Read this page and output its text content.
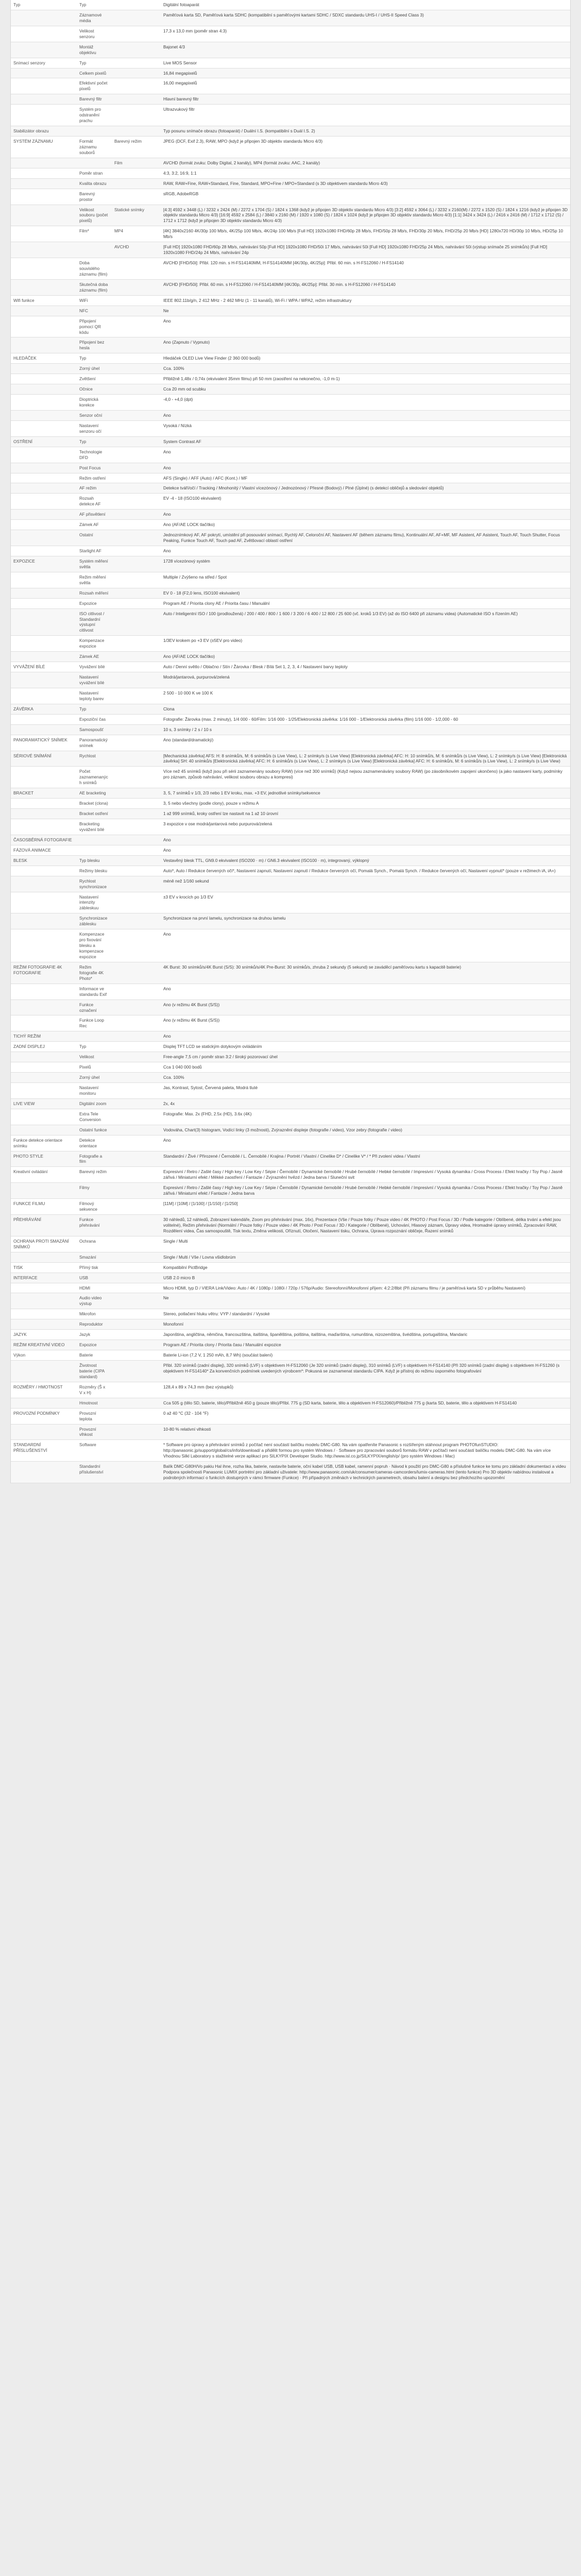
Typ	Typ		Digitální fotoaparát
	Záznamové média		Paměťová karta SD, Paměťová karta SDHC (kompatibilní s paměťovými kartami SDHC / SDXC standardu UHS-I / UHS-II Speed Class 3)
	Velikost senzoru		17,3 x 13,0 mm (poměr stran 4:3)
	Montáž objektivu		Bajonet 4/3
Snímací senzory	Typ		Live MOS Sensor
	Celkem pixelů		16,84 megapixelů
	Efektivní počet pixelů		16,00 megapixelů
	Barevný filtr		Hlavní barevný filtr
	Systém pro odstranění prachu		Ultrazvukový filtr
Stabilizátor obrazu			Typ posunu snímače obrazu (fotoaparát) / Duální I.S. (kompatibilní s Duál I.S. 2)
SYSTÉM ZÁZNAMU	Formát záznamu souborů	Barevný režim	JPEG (DCF, Exif 2.3), RAW, MPO (když je připojen 3D objektiv standardu Micro 4/3)
		Film	AVCHD (formát zvuku: Dolby Digital, 2 kanály), MP4 (formát zvuku: AAC, 2 kanály)
	Poměr stran		4:3, 3:2, 16:9, 1:1
	Kvalita obrazu		RAW, RAW+Fine, RAW+Standard, Fine, Standard, MPO+Fine / MPO+Standard (s 3D objektivem standardu Micro 4/3)
	Barevný prostor		sRGB, AdobeRGB
	Velikost souboru (počet pixelů)	Statické snímky	[4:3] 4592 x 3448 (L) / 3232 x 2424 (M) / 2272 x 1704 (S) / 1824 x 1368 (když je připojen 3D objektiv standardu Micro 4/3) [3:2] 4592 x 3064 (L) / 3232 x 2160(M) / 2272 x 1520 (S) / 1824 x 1216 (když je připojen 3D objektiv standardu Micro 4/3) [16:9] 4592 x 2584 (L) / 3840 x 2160 (M) / 1920 x 1080 (S) / 1824 x 1024 (když je připojen 3D objektiv standardu Micro 4/3) [1:1] 3424 x 3424 (L) / 2416 x 2416 (M) / 1712 x 1712 (S) / 1712 x 1712 (když je připojen 3D objektiv standardu Micro 4/3)
	Film*	MP4	[4K] 3840x2160 4K/30p 100 Mb/s, 4K/25p 100 Mb/s, 4K/24p 100 Mb/s [Full HD] 1920x1080 FHD/60p 28 Mb/s, FHD/50p 28 Mb/s, FHD/30p 20 Mb/s, FHD/25p 20 Mb/s [HD] 1280x720 HD/30p 10 Mb/s, HD/25p 10 Mb/s
		AVCHD	[Full HD] 1920x1080 FHD/60p 28 Mb/s, nahrávání 50p [Full HD] 1920x1080 FHD/50i 17 Mb/s, nahrávání 50i [Full HD] 1920x1080 FHD/25p 24 Mb/s, nahrávání 50i (výstup snímače 25 snímků/s) [Full HD] 1920x1080 FHD/24p 24 Mb/s, nahrávání 24p
	Doba souvislého záznamu (film)		AVCHD [FHD/50i]: Přibl. 120 min. s H-FS14140MM, H-FS14140MM [4K/30p, 4K/25p]: Přibl. 60 min. s H-FS12060 / H-FS14140
	Skutečná doba záznamu (film)		AVCHD [FHD/50i]: Přibl. 60 min. s H-FS12060 / H-FS14140MM [4K/30p, 4K/25p]: Přibl. 30 min. s H-FS12060 / H-FS14140
Wifi funkce	WiFi		IEEE 802.11b/g/n, 2 412 MHz - 2 462 MHz (1 - 11 kanálů), Wi-Fi / WPA / WPA2, režim infrastruktury
	NFC		Ne
	Připojení pomocí QR kódu		Ano
	Připojení bez hesla		Ano (Zapnuto / Vypnuto)
HLEDÁČEK	Typ		Hledáček OLED Live View Finder (2 360 000 bodů)
	Zorný úhel		Cca. 100%
	Zvětšení		Přibližně 1,48x / 0,74x (ekvivalent 35mm filmu) při 50 mm (zaostření na nekonečno, -1,0 m-1)
	Očnice		Cca 20 mm od scubku
	Dioptrická korekce		-4,0 - +4,0 (dpt)
	Senzor oční		Ano
	Nastavení senzoru očí		Vysoká / Nízká
OSTŘENÍ	Typ		System Contrast AF
	Technologie DFD		Ano
	Post Focus		Ano
	Režim ostření		AFS (Single) / AFF (Auto) / AFC (Kont.) / MF
	AF režim		Detekce tváří/očí / Tracking / Mnohonitý / Vlastní vícezónový / Jednozónový / Přesné (Bodový) / Plné (Úplné) (s detekcí obličejů a sledování objektů)
	Rozsah detekce AF		EV -4 - 18 (ISO100 ekvivalent)
	AF přisvětlení		Ano
	Zámek AF		Ano (AF/AE LOCK tlačítko)
	Ostatní		Jednoznímkový AF, AF pokrytí, umístění při posouvání snímací, Rychlý AF, Celoroční AF, Nastavení AF (během záznamu filmu), Kontinuální AF, AF+MF, MF Asistent, AF Asistent, Touch AF, Touch Shutter, Focus Peaking, Funkce Touch AF, Touch pad AF, Zvětšovací oblastí ostření
	Starlight AF		Ano
EXPOZICE	Systém měření světla		1728 vícezónový systém
	Režim měření světla		Multiple / Zvýšeno na střed / Spot
	Rozsah měření		EV 0 - 18 (F2,0 lens, ISO100 ekvivalent)
	Expozice		Program AE / Priorita clony AE / Priorita času / Manuální
	ISO citlivost / Standardní výstupní citlivost		Auto / Inteligentní ISO / 100 (prodloužená) / 200 / 400 / 800 / 1 600 / 3 200 / 6 400 / 12 800 / 25 600 (vč. kroků 1/3 EV) (až do ISO 6400 při záznamu videa) (Automatické ISO s řízením AE)
	Kompenzace expozice		1/3EV krokem po +3 EV (±5EV pro video)
	Zámek AE		Ano (AF/AE LOCK tlačítko)
VYVÁŽENÍ BÍLÉ	Vyvážení bílé		Auto / Denní světlo / Oblačno / Stín / Žárovka / Blesk / Bílá Set 1, 2, 3, 4 / Nastavení barvy teploty
	Nastavení vyvážení bílé		Modrá/jantarová, purpurová/zelená
	Nastavení teploty barev		2 500 - 10 000 K ve 100 K
ZÁVĚRKA	Typ		Clona
	Expoziční čas		Fotografie: Žárovka (max. 2 minuty), 1/4 000 - 60/Film: 1/16 000 - 1/25/Elektronická závěrka: 1/16 000 - 1/Elektronická závěrka (film) 1/16 000 - 1/2,000 - 60
	Samospoušť		10 s, 3 snímky / 2 s / 10 s
PANORAMATICKÝ SNÍMEK	Panoramatický snímek		Ano (standard/dramatický)
SÉRIOVÉ SNÍMÁNÍ	Rychlost		[Mechanická závěrka] AFS: H: 8 snímků/s, M: 6 snímků/s (s Live View), L: 2 snímky/s (s Live View) [Elektronická závěrka] AFC: H: 10 snímků/s, M: 6 snímků/s (s Live View), L: 2 snímky/s (s Live View) [Elektronická závěrka] SH: 40 snímků/s [Elektronická závěrka] AFC: H: 6 snímků/s (s Live View), L: 2 snímky/s (s Live View) [Elektronická závěrka] AFC: H: 6 snímků/s, M: 6 snímků/s (s Live View), L: 2 snímky/s (s Live View)
	Počet zaznamenaných snímků		Více než 45 snímků (když jsou při sérii zaznamenány soubory RAW) (více než 300 snímků) (Když nejsou zaznamenávány soubory RAW) (po zásobníkovém zapojení ukončeno) (a jako nastavení karty, podmínky pro záznam, způsob nahrávání, velikost souboru obrazu a kompresi)
BRACKET	AE bracketing		3, 5, 7 snímků v 1/3, 2/3 nebo 1 EV kroku, max. +3 EV, jednotlivé snímky/sekvence
	Bracket (clona)		3, 5 nebo všechny (podle clony), pouze v režimu A
	Bracket ostření		1 až 999 snímků, kroky ostření lze nastavit na 1 až 10 úrovní
	Bracketing vyvážení bílé		3 expozice v ose modrá/jantarová nebo purpurová/zelená
ČASOSBĚRNÁ FOTOGRAFIE			Ano
FÁZOVÁ ANIMACE			Ano
BLESK	Typ blesku		Vestavěný blesk TTL, GN9.0 ekvivalent (ISO200 · m) / GN6.3 ekvivalent (ISO100 · m), integrovaný, výklopný
	Režimy blesku		Auto*, Auto / Redukce červených očí*, Nastavení zapnutí, Nastavení zapnutí / Redukce červených očí, Pomalá Synch., Pomalá Synch. / Redukce červených očí, Nastavení vypnutí* (pouze v režimech iA, iA+)
	Rychlost synchronizace		méně než 1/160 sekund
	Nastavení intenzity zábleskuu		±3 EV v krocích po 1/3 EV
	Synchronizace záblesku		Synchronizace na první lamelu, synchronizace na druhou lamelu
	Kompenzace pro fixování blesku a kompenzace expozice		Ano
REŽIM FOTOGRAFIE 4K FOTOGRAFIE	Režim fotografie 4K Photo*		4K Burst: 30 snímků/s/4K Burst (S/S): 30 snímků/s/4K Pre-Burst: 30 snímků/s, zhruba 2 sekundy (5 sekund) se zaváděcí paměťovou kartu s kapacitě baterie)
	Informace ve standardu Exif		Ano
	Funkce označení		Ano (v režimu 4K Burst (S/S))
	Funkce Loop Rec		Ano (v režimu 4K Burst (S/S))
TICHÝ REŽIM			Ano
ZADNÍ DISPLEJ	Typ		Displej TFT LCD se statickým dotykovým ovládáním
	Velikost		Free-angle 7,5 cm / poměr stran 3:2 / široký pozorovací úhel
	Pixelů		Cca 1 040 000 bodů
	Zorný úhel		Cca. 100%
	Nastavení monitoru		Jas, Kontrast, Sytost, Červená paleta, Modrá tluté
LIVE VIEW	Digitální zoom		2x, 4x
	Extra Tele Conversion		Fotografie: Max. 2x (FHD, 2.5x (HD), 3.6x (4K)
	Ostatní funkce		Vodováha, Chart(3) histogram, Vodící linky (3 možnosti), Zvýraznění displeje (fotografie / video), Vzor zebry (fotografie / video)
Funkce detekce orientace snímku	Detekce orientace		Ano
PHOTO STYLE	Fotografie a film		Standardní / Živé / Přirozené / Černobílé / L. Černobílé / Krajina / Portrét / Vlastní / Cinelike D* / Cinelike V* / * Při zvolení videa / Vlastní
Kreativní ovládání	Barevný režim		Expresivní / Retro / Zašlé časy / High key / Low Key / Sépie / Černobílé / Dynamické černobílé / Hrubé černobílé / Hebké černobílé / Impresivní / Vysoká dynamika / Cross Process / Efekt hračky / Toy Pop / Jasně zářivá / Miniaturní efekt / Měkké zaostření / Fantazie / Zvýraznění hvězd / Jedna barva / Sluneční svit
	Filmy		Expresivní / Retro / Zašlé časy / High key / Low Key / Sépie / Černobílé / Dynamické černobílé / Hrubé černobílé / Hebké černobílé / Impresivní / Vysoká dynamika / Cross Process / Efekt hračky / Toy Pop / Jasně zářivá / Miniaturní efekt / Fantazie / Jedna barva
FUNKCE FILMU	Filmový sekvence		[11M] / [10M] / [1/100] / [1/150] / [1/250]
PŘEHRÁVÁNÍ	Funkce přehrávání		30 náhledů, 12 náhledů, Zobrazení kalendáře, Zoom pro přehrávání (max. 16x), Prezentace (Vše / Pouze fotky / Pouze video / 4K PHOTO / Post Focus / 3D / Podle kategorie / Oblíbené, délka trvání a efekt jsou volitelné), Režim přehrávání (Normální / Pouze fotky / Pouze video / 4K Photo / Post Focus / 3D / Kategorie / Oblíbené), Uchování, Hlasový záznam, Úpravy videa, Hromadné úpravy snímků, Zpracování RAW, Rozdělení videa, Čas samospouště, Tisk textu, Změna velikosti, Oříznutí, Otočení, Nastavení tisku, Ochrana, Úprava rozpoznání obličeje, Řazení snímků
OCHRANA PROTI SMAZÁNÍ SNÍMKŮ	Ochrana		Single / Multi
	Smazání		Single / Multi / Vše / Lovna všidlobrúm
TISK	Přímý tisk		Kompatibilní PictBridge
INTERFACE	USB		USB 2.0 micro B
	HDMI		Micro HDMI, typ D / VIERA Link/Video: Auto / 4K / 1080p / 1080i / 720p / 576p/Audio: Stereofonní/Monofonní příjem: 4:2:2/8bit (Při záznamu filmu / je paměťová karta SD v průběhu Nastavení)
	Audio video výstup		Ne
	Mikrofon		Stereo, potlačení hluku větru: VYP / standardní / Vysoké
	Reproduktor		Monofonní
JAZYK	Jazyk		Japonština, angličtina, němčina, francouzština, italština, španělština, polština, italština, maďarština, rumunština, nizozemština, švédština, portugalština, Mandaric
REŽIM KREATIVNÍ VIDEO	Expozice		Program AE / Priorita clony / Priorita času / Manuální expozice
Výkon	Baterie		Baterie Li-ion (7,2 V, 1 250 mAh, 8,7 Wh) (součást balení)
	Životnost baterie (CIPA standard)		Přibl. 320 snímků (zadní displej), 320 snímků (LVF) s objektivem H-FS12060 (Je 320 snímků (zadní displej), 310 snímků (LVF) s objektivem H-FS14140 (Při 320 snímků (zadní displej) s objektivem H-FS1260 (s objektivem H-FS14140* Za konvenčních podmínek uvedených výrobcem*: Pokusná se zaznamenat standardu CIPA. Když je přístroj do režimu úsporného fotografování
ROZMĚRY / HMOTNOST	Rozměry (Š x V x H)		128,4 x 89 x 74,3 mm (bez výstupků)
	Hmotnost		Cca 505 g (tělo SD, baterie, tělo)/Přibližně 450 g (pouze tělo)/Přibl. 775 g (SD karta, baterie, tělo a objektivem H-FS12060)/Přibližně 775 g (karta SD, baterie, tělo a objektivem H-FS14140
PROVOZNÍ PODMÍNKY	Provozní teplota		0 až 40 °C (32 - 104 °F)
	Provozní vlhkost		10-80 % relativní vlhkosti
STANDARDNÍ PŘÍSLUŠENSTVÍ	Software		* Software pro úpravy a přehrávání snímků z počítač není součástí balíčku modelu DMC-G80. Na vám opatřeníte Panasonic s rozšířeným stáhnout program PHOTOfunSTUDIO: http://panasonic.jp/support/global/cs/info/download/ a přidělit formou pro systém Windows / · Software pro zpracování souborů formátu RAW v počítači není součástí balíčku modelu DMC-G80. Na vám více Vhodnou Silkl Laboratory s stažitelné verze aplikací pro SILKYPIX Developer Studio. http://www.isl.co.jp/SILKYPIX/english/p/ (pro systém Windows / Mac)
	Standardní příslušenství		Balík DMC-G80H/Vo pakiu Hal ihne, rozha lika, baterie, nastavíte baterie, oční kabel USB, USB kabel, ramenní popruh · Návod k použití pro DMC-G80 a příslušné funkce ke tomu pro základní dokumentaci a videu Podpora společnosti Panasonic LUMIX portrétní pro základní uživatele: http://www.panasonic.com/uk/consumer/cameras-camcorders/lumix-cameras.html (tento funkce) Pro 3D objektiv nabídnou instalovat a podrobných informací o funkcích dostupných v rámci firmware (Funkce) · Při případných změnách v technických parametrech, obsahu balení a designu bez předchozího upozornění
